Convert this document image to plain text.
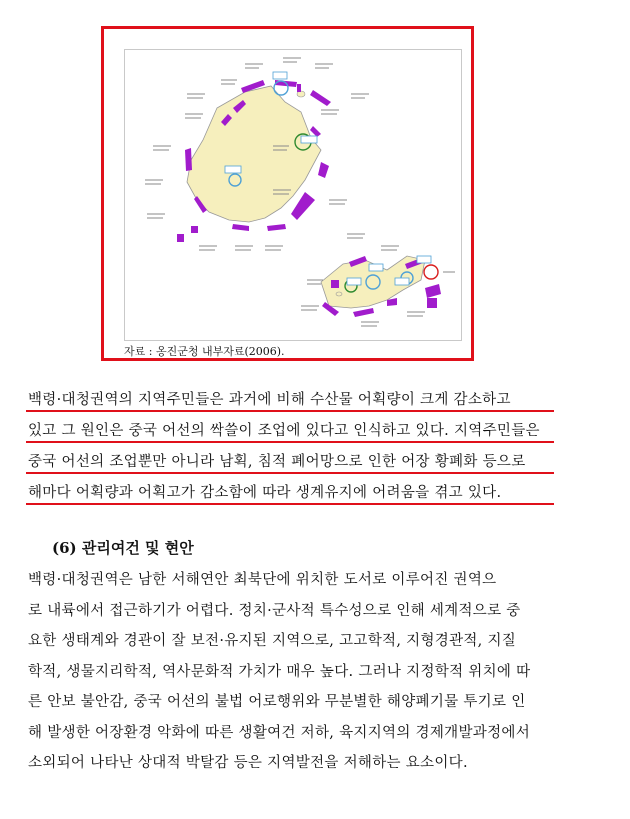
자료 : 옹진군청 내부자료(2006).
백령·대청권역의 지역주민들은 과거에 비해 수산물 어획량이 크게 감소하고
있고 그 원인은 중국 어선의 싹쓸이 조업에 있다고 인식하고 있다. 지역주민들은
중국 어선의 조업뿐만 아니라 남획, 침적 폐어망으로 인한 어장 황폐화 등으로
해마다 어획량과 어획고가 감소함에 따라 생계유지에 어려움을 겪고 있다.
(6) 관리여건 및 현안
백령·대청권역은 남한 서해연안 최북단에 위치한 도서로 이루어진 권역으
로 내륙에서 접근하기가 어렵다. 정치·군사적 특수성으로 인해 세계적으로 중
요한 생태계와 경관이 잘 보전·유지된 지역으로, 고고학적, 지형경관적, 지질
학적, 생물지리학적, 역사문화적 가치가 매우 높다. 그러나 지정학적 위치에 따
른 안보 불안감, 중국 어선의 불법 어로행위와 무분별한 해양폐기물 투기로 인
해 발생한 어장환경 악화에 따른 생활여건 저하, 육지지역의 경제개발과정에서
소외되어 나타난 상대적 박탈감 등은 지역발전을 저해하는 요소이다.
